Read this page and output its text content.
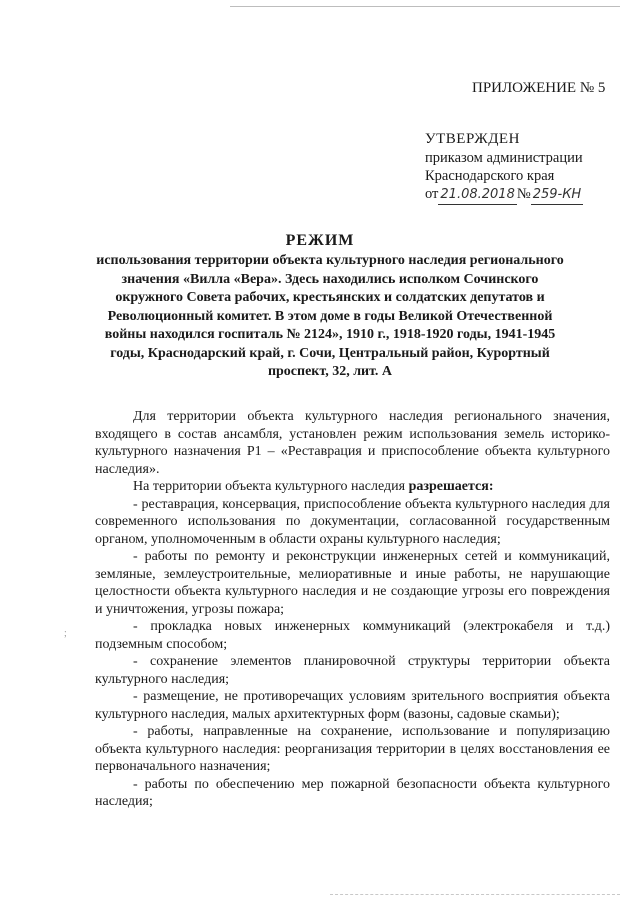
;
ПРИЛОЖЕНИЕ № 5
УТВЕРЖДЕН
приказом администрации
Краснодарского края
от 21.08.2018 № 259-КН
РЕЖИМ
использования территории объекта культурного наследия регионального значения «Вилла «Вера». Здесь находились исполком Сочинского окружного Совета рабочих, крестьянских и солдатских депутатов и Революционный комитет. В этом доме в годы Великой Отечественной войны находился госпиталь № 2124», 1910 г., 1918-1920 годы, 1941-1945 годы, Краснодарский край, г. Сочи, Центральный район, Курортный проспект, 32, лит. А

Для территории объекта культурного наследия регионального значения, входящего в состав ансамбля, установлен режим использования земель историко-культурного назначения Р1 – «Реставрация и приспособление объекта культурного наследия».

На территории объекта культурного наследия разрешается:

- реставрация, консервация, приспособление объекта культурного наследия для современного использования по документации, согласованной государственным органом, уполномоченным в области охраны культурного наследия;

- работы по ремонту и реконструкции инженерных сетей и коммуникаций, земляные, землеустроительные, мелиоративные и иные работы, не нарушающие целостности объекта культурного наследия и не создающие угрозы его повреждения и уничтожения, угрозы пожара;

- прокладка новых инженерных коммуникаций (электрокабеля и т.д.) подземным способом;

- сохранение элементов планировочной структуры территории объекта культурного наследия;

- размещение, не противоречащих условиям зрительного восприятия объекта культурного наследия, малых архитектурных форм (вазоны, садовые скамьи);

- работы, направленные на сохранение, использование и популяризацию объекта культурного наследия: реорганизация территории в целях восстановления ее первоначального назначения;

- работы по обеспечению мер пожарной безопасности объекта культурного наследия;
